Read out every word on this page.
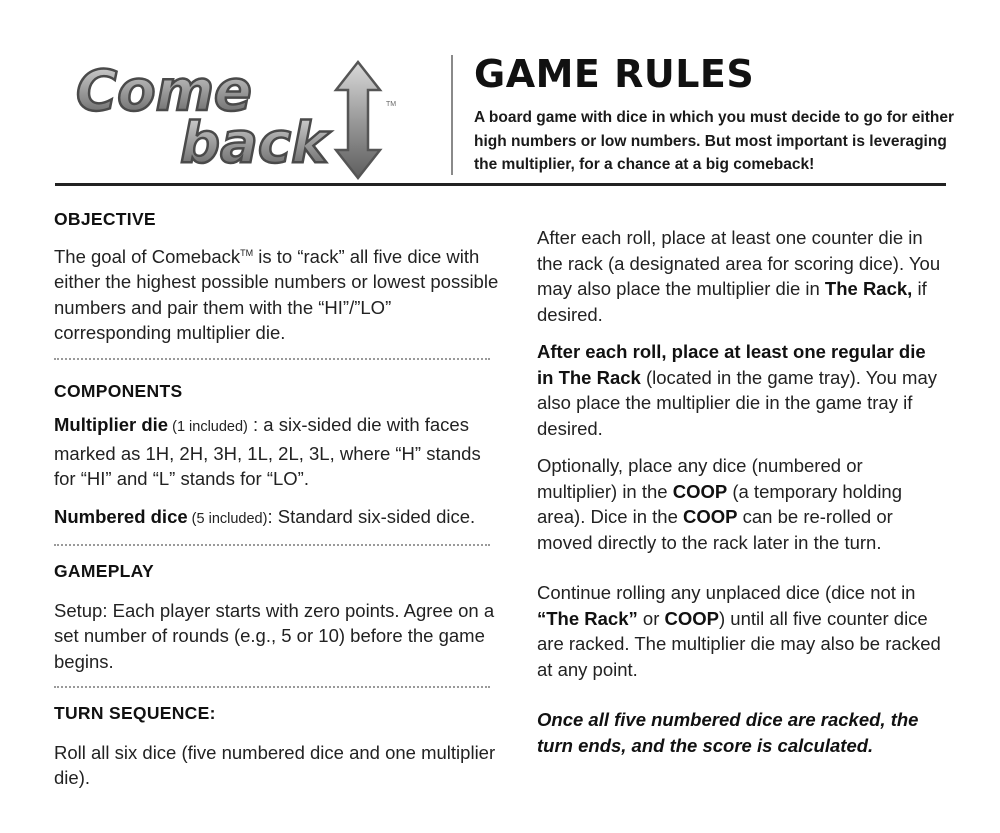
Come
back
TM
GAME RULES
A board game with dice in which you must decide to go for either high numbers or low numbers. But most important is leveraging the multiplier, for a chance at a big comeback!
OBJECTIVE
The goal of Comeback™ is to “rack” all five dice with either the highest possible numbers or lowest possible numbers and pair them with the “HI”/”LO” corresponding multiplier die.
COMPONENTS
Multiplier die (1 included) : a six-sided die with faces marked as 1H, 2H, 3H, 1L, 2L, 3L, where “H” stands for “HI” and “L” stands for “LO”.
Numbered dice (5 included): Standard six-sided dice.
GAMEPLAY
Setup: Each player starts with zero points. Agree on a set number of rounds (e.g., 5 or 10) before the game begins.
TURN SEQUENCE:
Roll all six dice (five numbered dice and one multiplier die).
After each roll, place at least one counter die in the rack (a designated area for scoring dice). You may also place the multiplier die in The Rack, if desired.
After each roll, place at least one regular die in The Rack (located in the game tray). You may also place the multiplier die in the game tray if desired.
Optionally, place any dice (numbered or multiplier) in the COOP (a temporary holding area). Dice in the COOP can be re-rolled or moved directly to the rack later in the turn.
Continue rolling any unplaced dice (dice not in “The Rack” or COOP) until all five counter dice are racked. The multiplier die may also be racked at any point.
Once all five numbered dice are racked, the turn ends, and the score is calculated.
